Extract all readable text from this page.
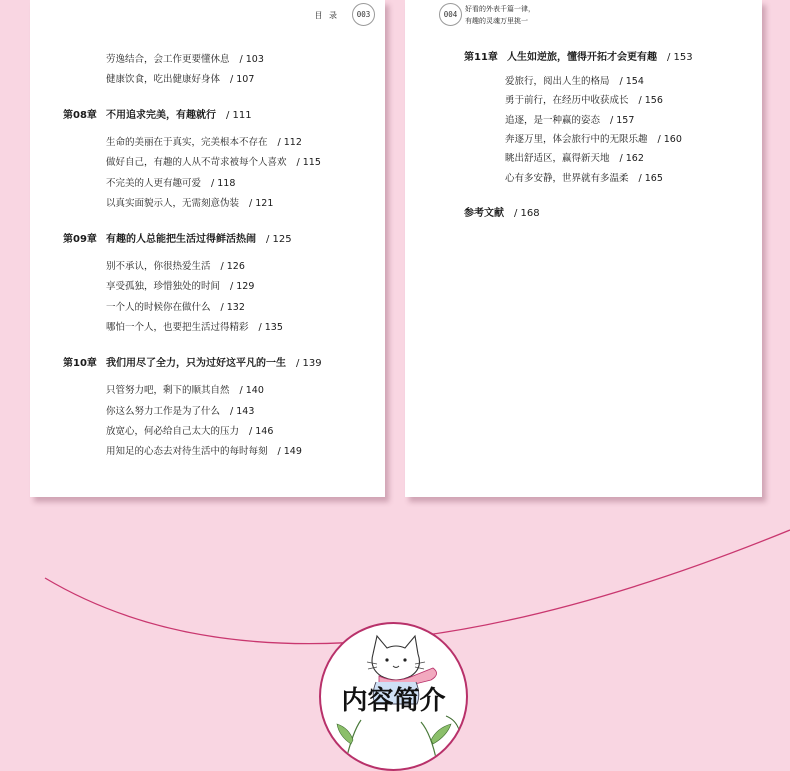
目 录	003
劳逸结合，会工作更要懂休息 / 103
健康饮食，吃出健康好身体 / 107
第08章 不用追求完美，有趣就行 / 111
生命的美丽在于真实，完美根本不存在 / 112
做好自己，有趣的人从不苛求被每个人喜欢 / 115
不完美的人更有趣可爱 / 118
以真实面貌示人，无需刻意伪装 / 121
第09章 有趣的人总能把生活过得鲜活热闹 / 125
别不承认，你很热爱生活 / 126
享受孤独，珍惜独处的时间 / 129
一个人的时候你在做什么 / 132
哪怕一个人，也要把生活过得精彩 / 135
第10章 我们用尽了全力，只为过好这平凡的一生 / 139
只管努力吧，剩下的顺其自然 / 140
你这么努力工作是为了什么 / 143
放宽心，何必给自己太大的压力 / 146
用知足的心态去对待生活中的每时每刻 / 149
004
好看的外表千篇一律，
有趣的灵魂万里挑一
第11章 人生如逆旅，懂得开拓才会更有趣 / 153
爱旅行，阅出人生的格局 / 154
勇于前行，在经历中收获成长 / 156
追逐，是一种赢的姿态 / 157
奔逐万里，体会旅行中的无限乐趣 / 160
眺出舒适区，赢得新天地 / 162
心有多安静，世界就有多温柔 / 165
参考文献 / 168
内容简介
